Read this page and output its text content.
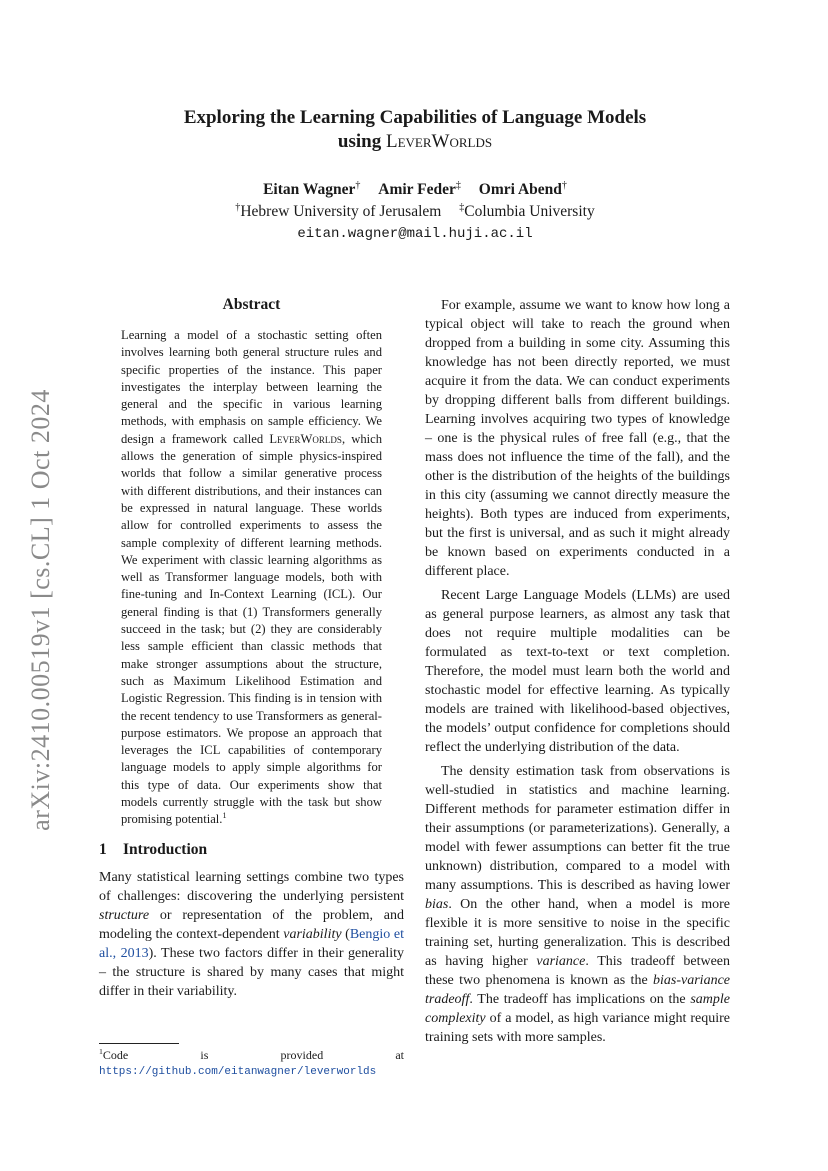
arXiv:2410.00519v1 [cs.CL] 1 Oct 2024

Exploring the Learning Capabilities of Language Models
using LeverWorlds

Eitan Wagner† Amir Feder‡ Omri Abend†
†Hebrew University of Jerusalem ‡Columbia University
eitan.wagner@mail.huji.ac.il
Abstract

Learning a model of a stochastic setting often involves learning both general structure rules and specific properties of the instance. This paper investigates the interplay between learning the general and the specific in various learning methods, with emphasis on sample efficiency. We design a framework called LeverWorlds, which allows the generation of simple physics-inspired worlds that follow a similar generative process with different distributions, and their instances can be expressed in natural language. These worlds allow for controlled experiments to assess the sample complexity of different learning methods. We experiment with classic learning algorithms as well as Transformer language models, both with fine-tuning and In-Context Learning (ICL). Our general finding is that (1) Transformers generally succeed in the task; but (2) they are considerably less sample efficient than classic methods that make stronger assumptions about the structure, such as Maximum Likelihood Estimation and Logistic Regression. This finding is in tension with the recent tendency to use Transformers as general-purpose estimators. We propose an approach that leverages the ICL capabilities of contemporary language models to apply simple algorithms for this type of data. Our experiments show that models currently struggle with the task but show promising potential.$^1$

1 Introduction

Many statistical learning settings combine two types of challenges: discovering the underlying persistent structure or representation of the problem, and modeling the context-dependent variability (Bengio et al., 2013). These two factors differ in their generality – the structure is shared by many cases that might differ in their variability.

$^1$Code is provided at https://github.com/eitanwagner/leverworlds

For example, assume we want to know how long a typical object will take to reach the ground when dropped from a building in some city. Assuming this knowledge has not been directly reported, we must acquire it from the data. We can conduct experiments by dropping different balls from different buildings. Learning involves acquiring two types of knowledge – one is the physical rules of free fall (e.g., that the mass does not influence the time of the fall), and the other is the distribution of the heights of the buildings in this city (assuming we cannot directly measure the heights). Both types are induced from experiments, but the first is universal, and as such it might already be known based on experiments conducted in a different place.

Recent Large Language Models (LLMs) are used as general purpose learners, as almost any task that does not require multiple modalities can be formulated as text-to-text or text completion. Therefore, the model must learn both the world and stochastic model for effective learning. As typically models are trained with likelihood-based objectives, the models’ output confidence for completions should reflect the underlying distribution of the data.

The density estimation task from observations is well-studied in statistics and machine learning. Different methods for parameter estimation differ in their assumptions (or parameterizations). Generally, a model with fewer assumptions can better fit the true unknown) distribution, compared to a model with many assumptions. This is described as having lower bias. On the other hand, when a model is more flexible it is more sensitive to noise in the specific training set, hurting generalization. This is described as having higher variance. This tradeoff between these two phenomena is known as the bias-variance tradeoff. The tradeoff has implications on the sample complexity of a model, as high variance might require training sets with more samples.
